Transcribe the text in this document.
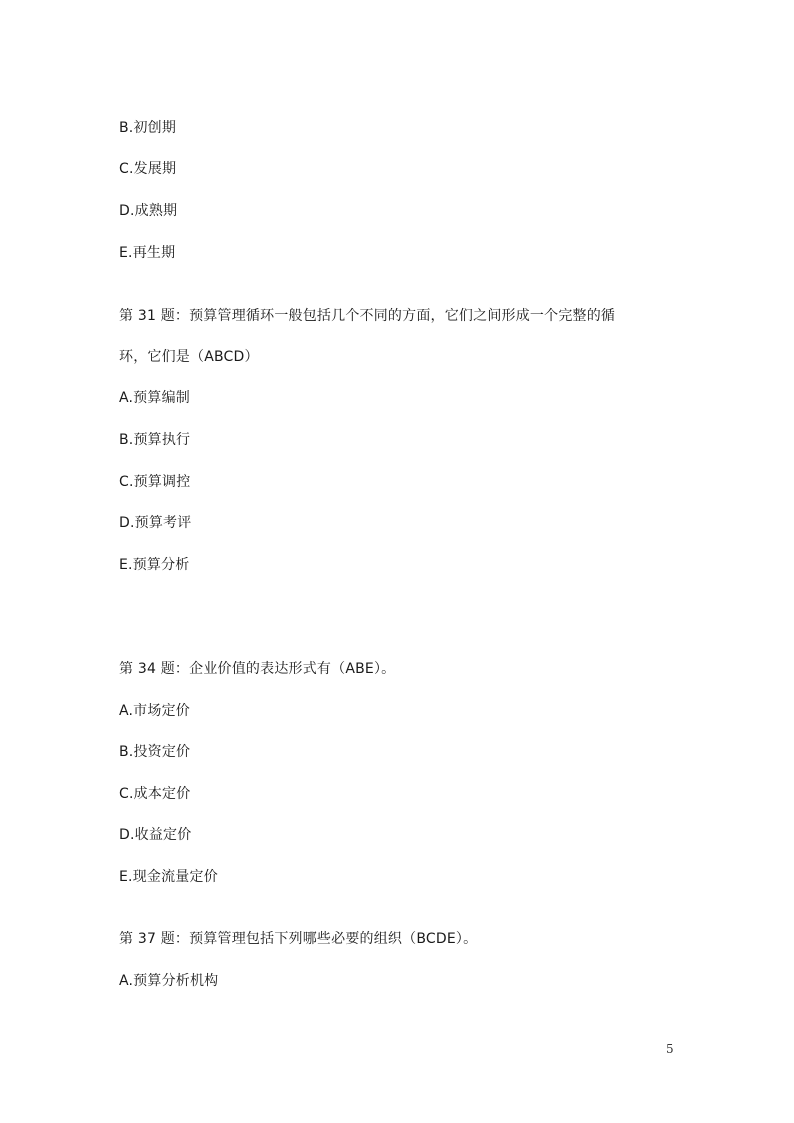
B.初创期
C.发展期
D.成熟期
E.再生期
第 31 题：预算管理循环一般包括几个不同的方面，它们之间形成一个完整的循
环，它们是（ABCD）
A.预算编制
B.预算执行
C.预算调控
D.预算考评
E.预算分析
第 34 题：企业价值的表达形式有（ABE）。
A.市场定价
B.投资定价
C.成本定价
D.收益定价
E.现金流量定价
第 37 题：预算管理包括下列哪些必要的组织（BCDE）。
A.预算分析机构
5
